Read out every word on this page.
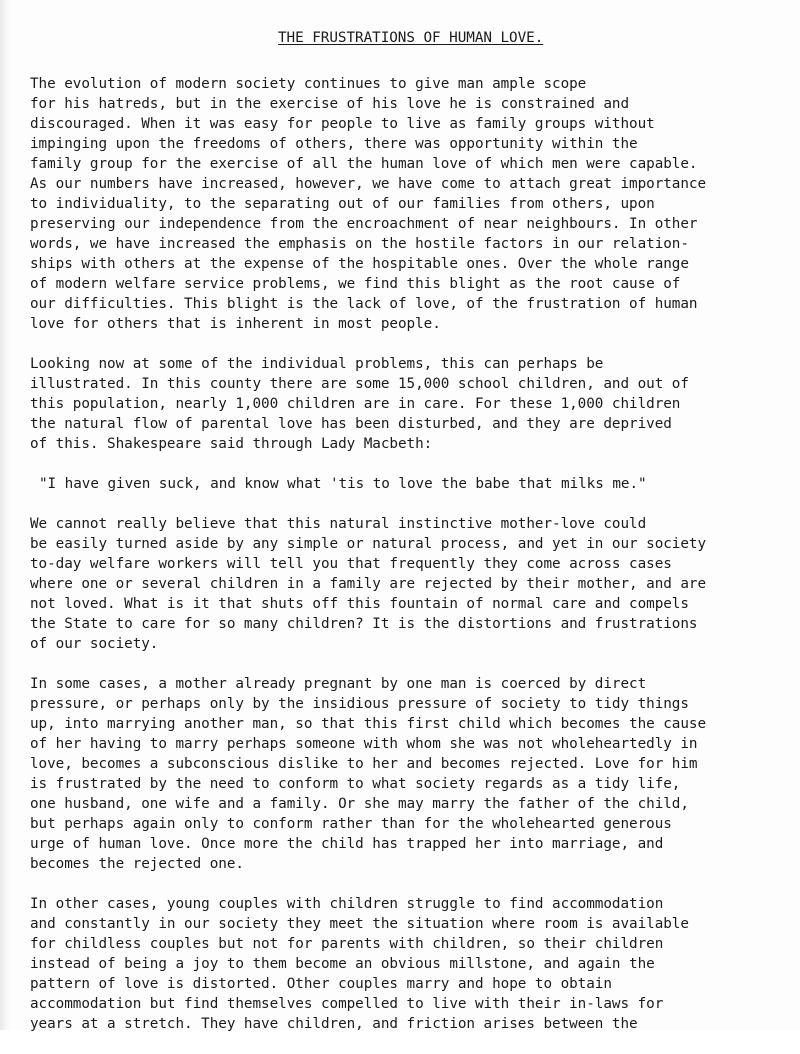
THE FRUSTRATIONS OF HUMAN LOVE.

The evolution of modern society continues to give man ample scope
for his hatreds, but in the exercise of his love he is constrained and
discouraged. When it was easy for people to live as family groups without
impinging upon the freedoms of others, there was opportunity within the
family group for the exercise of all the human love of which men were capable.
As our numbers have increased, however, we have come to attach great importance
to individuality, to the separating out of our families from others, upon
preserving our independence from the encroachment of near neighbours. In other
words, we have increased the emphasis on the hostile factors in our relation-
ships with others at the expense of the hospitable ones. Over the whole range
of modern welfare service problems, we find this blight as the root cause of
our difficulties. This blight is the lack of love, of the frustration of human
love for others that is inherent in most people.

Looking now at some of the individual problems, this can perhaps be
illustrated. In this county there are some 15,000 school children, and out of
this population, nearly 1,000 children are in care. For these 1,000 children
the natural flow of parental love has been disturbed, and they are deprived
of this. Shakespeare said through Lady Macbeth:

"I have given suck, and know what 'tis to love the babe that milks me."

We cannot really believe that this natural instinctive mother-love could
be easily turned aside by any simple or natural process, and yet in our society
to-day welfare workers will tell you that frequently they come across cases
where one or several children in a family are rejected by their mother, and are
not loved. What is it that shuts off this fountain of normal care and compels
the State to care for so many children? It is the distortions and frustrations
of our society.

In some cases, a mother already pregnant by one man is coerced by direct
pressure, or perhaps only by the insidious pressure of society to tidy things
up, into marrying another man, so that this first child which becomes the cause
of her having to marry perhaps someone with whom she was not wholeheartedly in
love, becomes a subconscious dislike to her and becomes rejected. Love for him
is frustrated by the need to conform to what society regards as a tidy life,
one husband, one wife and a family. Or she may marry the father of the child,
but perhaps again only to conform rather than for the wholehearted generous
urge of human love. Once more the child has trapped her into marriage, and
becomes the rejected one.

In other cases, young couples with children struggle to find accommodation
and constantly in our society they meet the situation where room is available
for childless couples but not for parents with children, so their children
instead of being a joy to them become an obvious millstone, and again the
pattern of love is distorted. Other couples marry and hope to obtain
accommodation but find themselves compelled to live with their in-laws for
years at a stretch. They have children, and friction arises between the
